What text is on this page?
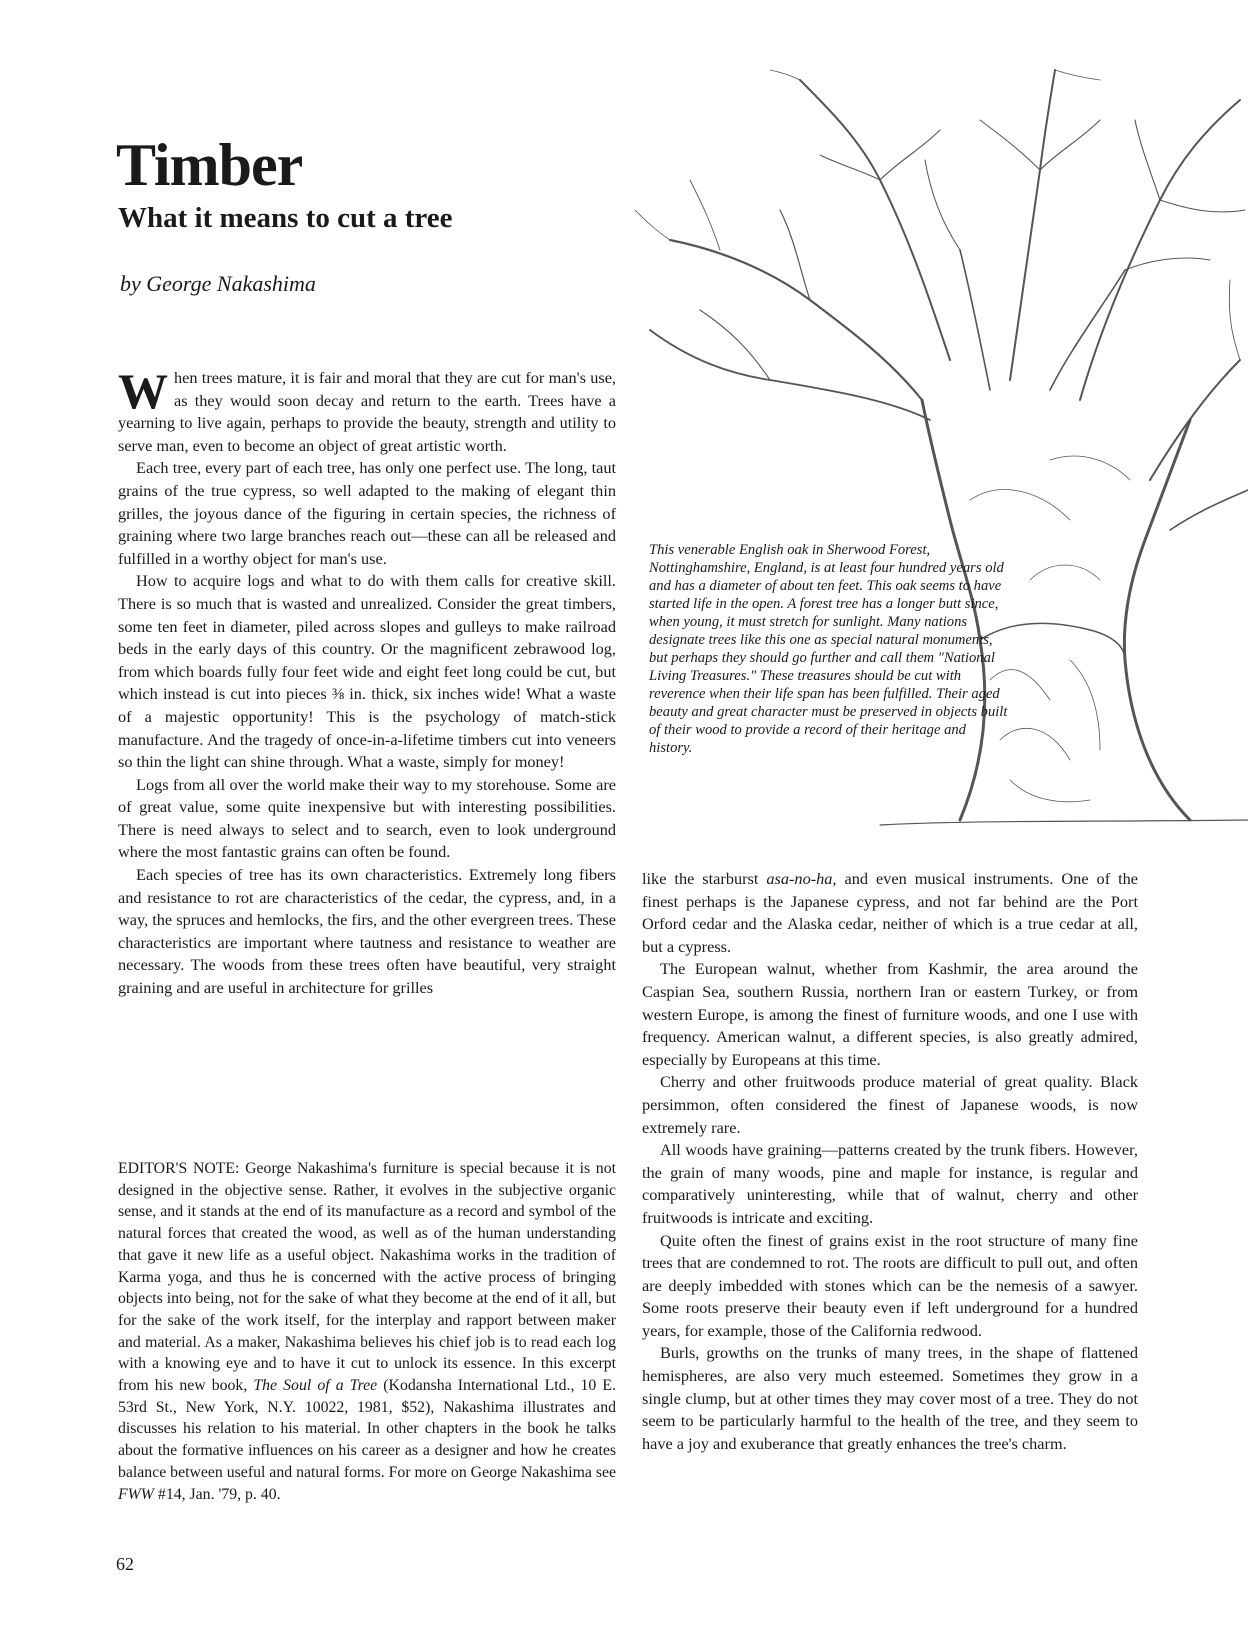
Timber
What it means to cut a tree

by George Nakashima

This venerable English oak in Sherwood Forest, Nottinghamshire, England, is at least four hundred years old and has a diameter of about ten feet. This oak seems to have started life in the open. A forest tree has a longer butt since, when young, it must stretch for sunlight. Many nations designate trees like this one as special natural monuments, but perhaps they should go further and call them "National Living Treasures." These treasures should be cut with reverence when their life span has been fulfilled. Their aged beauty and great character must be preserved in objects built of their wood to provide a record of their heritage and history.

When trees mature, it is fair and moral that they are cut for man's use, as they would soon decay and return to the earth. Trees have a yearning to live again, perhaps to provide the beauty, strength and utility to serve man, even to become an object of great artistic worth.

Each tree, every part of each tree, has only one perfect use. The long, taut grains of the true cypress, so well adapted to the making of elegant thin grilles, the joyous dance of the figuring in certain species, the richness of graining where two large branches reach out—these can all be released and fulfilled in a worthy object for man's use.

How to acquire logs and what to do with them calls for creative skill. There is so much that is wasted and unrealized. Consider the great timbers, some ten feet in diameter, piled across slopes and gulleys to make railroad beds in the early days of this country. Or the magnificent zebrawood log, from which boards fully four feet wide and eight feet long could be cut, but which instead is cut into pieces ⅜ in. thick, six inches wide! What a waste of a majestic opportunity! This is the psychology of match-stick manufacture. And the tragedy of once-in-a-lifetime timbers cut into veneers so thin the light can shine through. What a waste, simply for money!

Logs from all over the world make their way to my storehouse. Some are of great value, some quite inexpensive but with interesting possibilities. There is need always to select and to search, even to look underground where the most fantastic grains can often be found.

Each species of tree has its own characteristics. Extremely long fibers and resistance to rot are characteristics of the cedar, the cypress, and, in a way, the spruces and hemlocks, the firs, and the other evergreen trees. These characteristics are important where tautness and resistance to weather are necessary. The woods from these trees often have beautiful, very straight graining and are useful in architecture for grilles

EDITOR'S NOTE: George Nakashima's furniture is special because it is not designed in the objective sense. Rather, it evolves in the subjective organic sense, and it stands at the end of its manufacture as a record and symbol of the natural forces that created the wood, as well as of the human understanding that gave it new life as a useful object. Nakashima works in the tradition of Karma yoga, and thus he is concerned with the active process of bringing objects into being, not for the sake of what they become at the end of it all, but for the sake of the work itself, for the interplay and rapport between maker and material. As a maker, Nakashima believes his chief job is to read each log with a knowing eye and to have it cut to unlock its essence. In this excerpt from his new book, The Soul of a Tree (Kodansha International Ltd., 10 E. 53rd St., New York, N.Y. 10022, 1981, $52), Nakashima illustrates and discusses his relation to his material. In other chapters in the book he talks about the formative influences on his career as a designer and how he creates balance between useful and natural forms. For more on George Nakashima see FWW #14, Jan. '79, p. 40.

like the starburst asa-no-ha, and even musical instruments. One of the finest perhaps is the Japanese cypress, and not far behind are the Port Orford cedar and the Alaska cedar, neither of which is a true cedar at all, but a cypress.

The European walnut, whether from Kashmir, the area around the Caspian Sea, southern Russia, northern Iran or eastern Turkey, or from western Europe, is among the finest of furniture woods, and one I use with frequency. American walnut, a different species, is also greatly admired, especially by Europeans at this time.

Cherry and other fruitwoods produce material of great quality. Black persimmon, often considered the finest of Japanese woods, is now extremely rare.

All woods have graining—patterns created by the trunk fibers. However, the grain of many woods, pine and maple for instance, is regular and comparatively uninteresting, while that of walnut, cherry and other fruitwoods is intricate and exciting.

Quite often the finest of grains exist in the root structure of many fine trees that are condemned to rot. The roots are difficult to pull out, and often are deeply imbedded with stones which can be the nemesis of a sawyer. Some roots preserve their beauty even if left underground for a hundred years, for example, those of the California redwood.

Burls, growths on the trunks of many trees, in the shape of flattened hemispheres, are also very much esteemed. Sometimes they grow in a single clump, but at other times they may cover most of a tree. They do not seem to be particularly harmful to the health of the tree, and they seem to have a joy and exuberance that greatly enhances the tree's charm.

62
